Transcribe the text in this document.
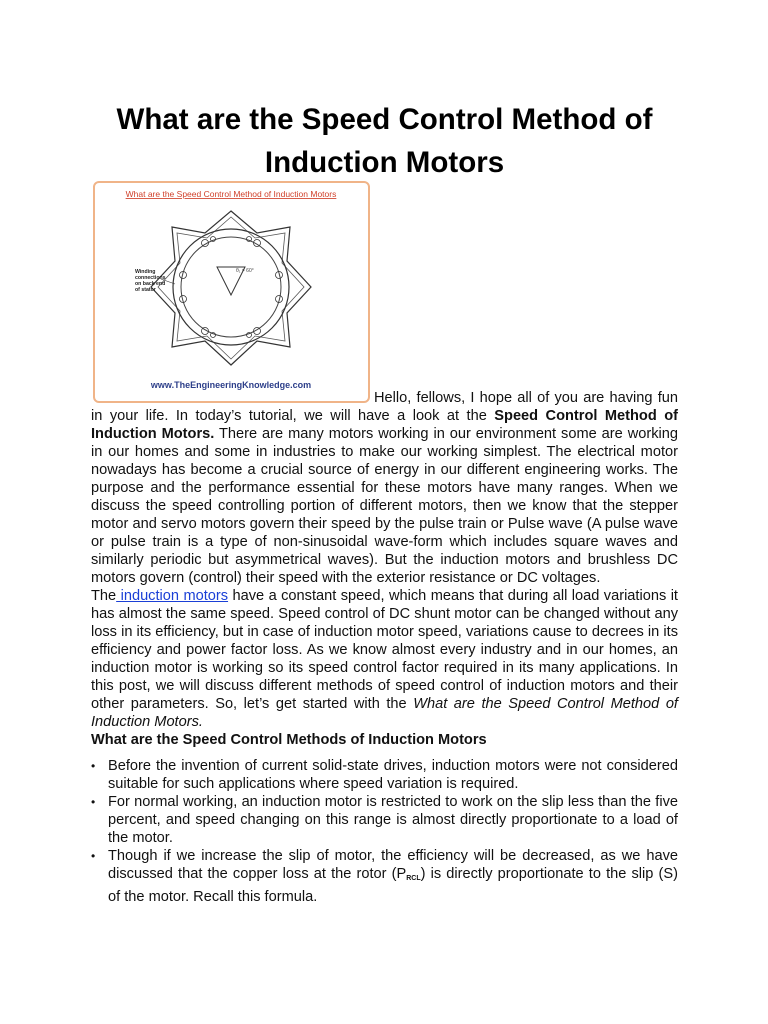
What are the Speed Control Method of Induction Motors
What are the Speed Control Method of Induction Motors
θ₁ = 60°
Winding connections on back end of stator
www.TheEngineeringKnowledge.com

Hello, fellows, I hope all of you are having fun in your life. In today’s tutorial, we will have a look at the Speed Control Method of Induction Motors. There are many motors working in our environment some are working in our homes and some in industries to make our working simplest. The electrical motor nowadays has become a crucial source of energy in our different engineering works. The purpose and the performance essential for these motors have many ranges. When we discuss the speed controlling portion of different motors, then we know that the stepper motor and servo motors govern their speed by the pulse train or Pulse wave (A pulse wave or pulse train is a type of non-sinusoidal wave-form which includes square waves and similarly periodic but asymmetrical waves). But the induction motors and brushless DC motors govern (control) their speed with the exterior resistance or DC voltages.

The induction motors have a constant speed, which means that during all load variations it has almost the same speed. Speed control of DC shunt motor can be changed without any loss in its efficiency, but in case of induction motor speed, variations cause to decrees in its efficiency and power factor loss. As we know almost every industry and in our homes, an induction motor is working so its speed control factor required in its many applications. In this post, we will discuss different methods of speed control of induction motors and their other parameters. So, let’s get started with the What are the Speed Control Method of Induction Motors.

What are the Speed Control Methods of Induction Motors

• Before the invention of current solid-state drives, induction motors were not considered suitable for such applications where speed variation is required.
• For normal working, an induction motor is restricted to work on the slip less than the five percent, and speed changing on this range is almost directly proportionate to a load of the motor.
• Though if we increase the slip of motor, the efficiency will be decreased, as we have discussed that the copper loss at the rotor $(P_{RCL})$ is directly proportionate to the slip (S) of the motor. Recall this formula.
